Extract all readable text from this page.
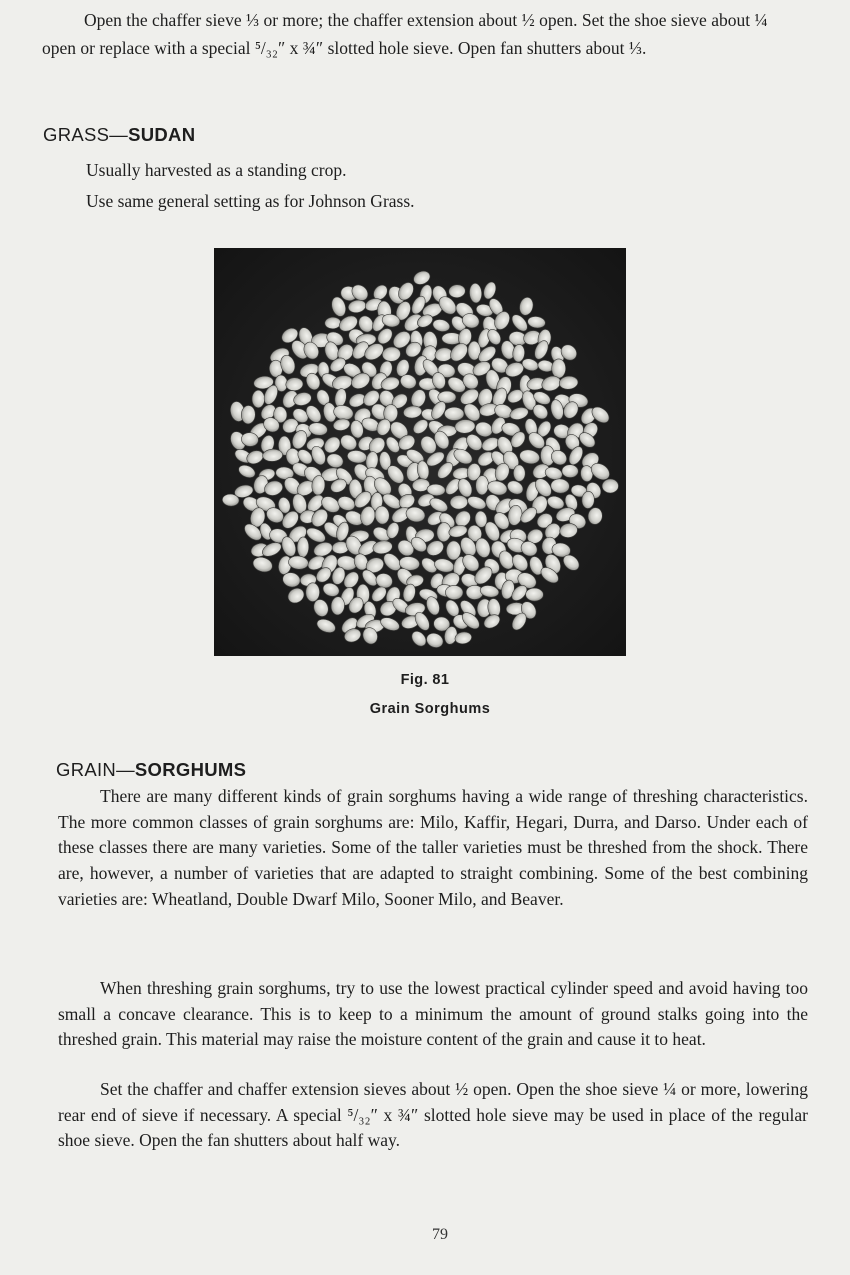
Open the chaffer sieve ⅓ or more; the chaffer extension about ½ open. Set the shoe sieve about ¼ open or replace with a special ⁵/₃₂″ x ¾″ slotted hole sieve. Open fan shutters about ⅓.

GRASS—SUDAN

Usually harvested as a standing crop.

Use same general setting as for Johnson Grass.

Fig. 81
Grain Sorghums
GRAIN—SORGHUMS

There are many different kinds of grain sorghums having a wide range of threshing characteristics. The more common classes of grain sorghums are: Milo, Kaffir, Hegari, Durra, and Darso. Under each of these classes there are many varieties. Some of the taller varieties must be threshed from the shock. There are, however, a number of varieties that are adapted to straight combining. Some of the best combining varieties are: Wheatland, Double Dwarf Milo, Sooner Milo, and Beaver.

When threshing grain sorghums, try to use the lowest practical cylinder speed and avoid having too small a concave clearance. This is to keep to a minimum the amount of ground stalks going into the threshed grain. This material may raise the moisture content of the grain and cause it to heat.

Set the chaffer and chaffer extension sieves about ½ open. Open the shoe sieve ¼ or more, lowering rear end of sieve if necessary. A special ⁵/₃₂″ x ¾″ slotted hole sieve may be used in place of the regular shoe sieve. Open the fan shutters about half way.

79
